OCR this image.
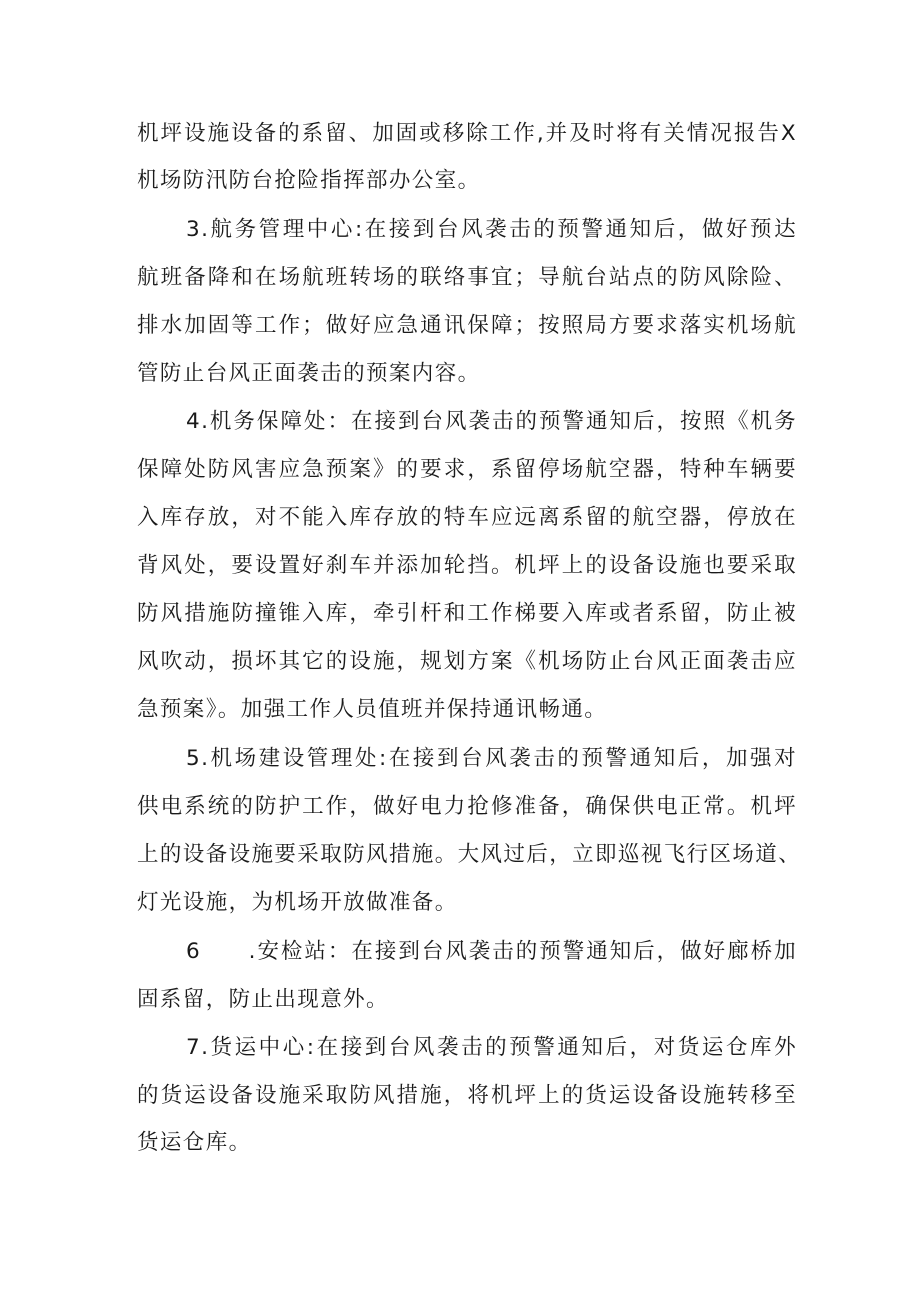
机坪设施设备的系留、加固或移除工作,并及时将有关情况报告X
机场防汛防台抢险指挥部办公室。
3.航务管理中心:在接到台风袭击的预警通知后，做好预达
航班备降和在场航班转场的联络事宜；导航台站点的防风除险、
排水加固等工作；做好应急通讯保障；按照局方要求落实机场航
管防止台风正面袭击的预案内容。
4.机务保障处：在接到台风袭击的预警通知后，按照《机务
保障处防风害应急预案》的要求，系留停场航空器，特种车辆要
入库存放，对不能入库存放的特车应远离系留的航空器，停放在
背风处，要设置好刹车并添加轮挡。机坪上的设备设施也要采取
防风措施防撞锥入库，牵引杆和工作梯要入库或者系留，防止被
风吹动，损坏其它的设施，规划方案《机场防止台风正面袭击应
急预案》。加强工作人员值班并保持通讯畅通。
5.机场建设管理处:在接到台风袭击的预警通知后，加强对
供电系统的防护工作，做好电力抢修准备，确保供电正常。机坪
上的设备设施要采取防风措施。大风过后，立即巡视飞行区场道、
灯光设施，为机场开放做准备。
6　　.安检站：在接到台风袭击的预警通知后，做好廊桥加
固系留，防止出现意外。
7.货运中心:在接到台风袭击的预警通知后，对货运仓库外
的货运设备设施采取防风措施，将机坪上的货运设备设施转移至
货运仓库。
